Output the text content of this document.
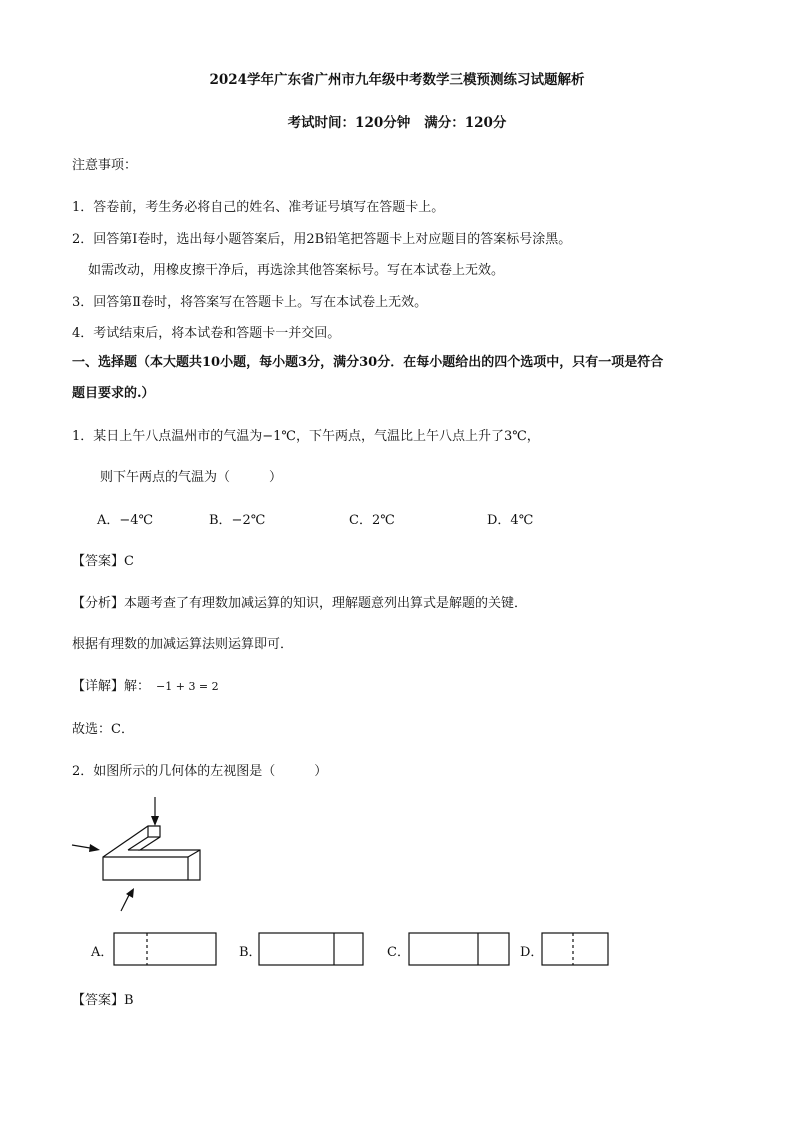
2024学年广东省广州市九年级中考数学三模预测练习试题解析
考试时间：120分钟 满分：120分
注意事项：
1．答卷前，考生务必将自己的姓名、准考证号填写在答题卡上。
2．回答第Ⅰ卷时，选出每小题答案后，用2B铅笔把答题卡上对应题目的答案标号涂黑。
如需改动，用橡皮擦干净后，再选涂其他答案标号。写在本试卷上无效。
3．回答第Ⅱ卷时，将答案写在答题卡上。写在本试卷上无效。
4．考试结束后，将本试卷和答题卡一并交回。
一、选择题（本大题共10小题，每小题3分，满分30分．在每小题给出的四个选项中，只有一项是符合
题目要求的.）
1．某日上午八点温州市的气温为−1℃，下午两点，气温比上午八点上升了3℃，
则下午两点的气温为（　　　）
A．−4℃	B．−2℃	C．2℃	D．4℃
【答案】C
【分析】本题考查了有理数加减运算的知识，理解题意列出算式是解题的关键．
根据有理数的加减运算法则运算即可．
【详解】解： −1 + 3 = 2
故选：C．
2．如图所示的几何体的左视图是（　　　）
A．	B．	C．	D．
【答案】B
